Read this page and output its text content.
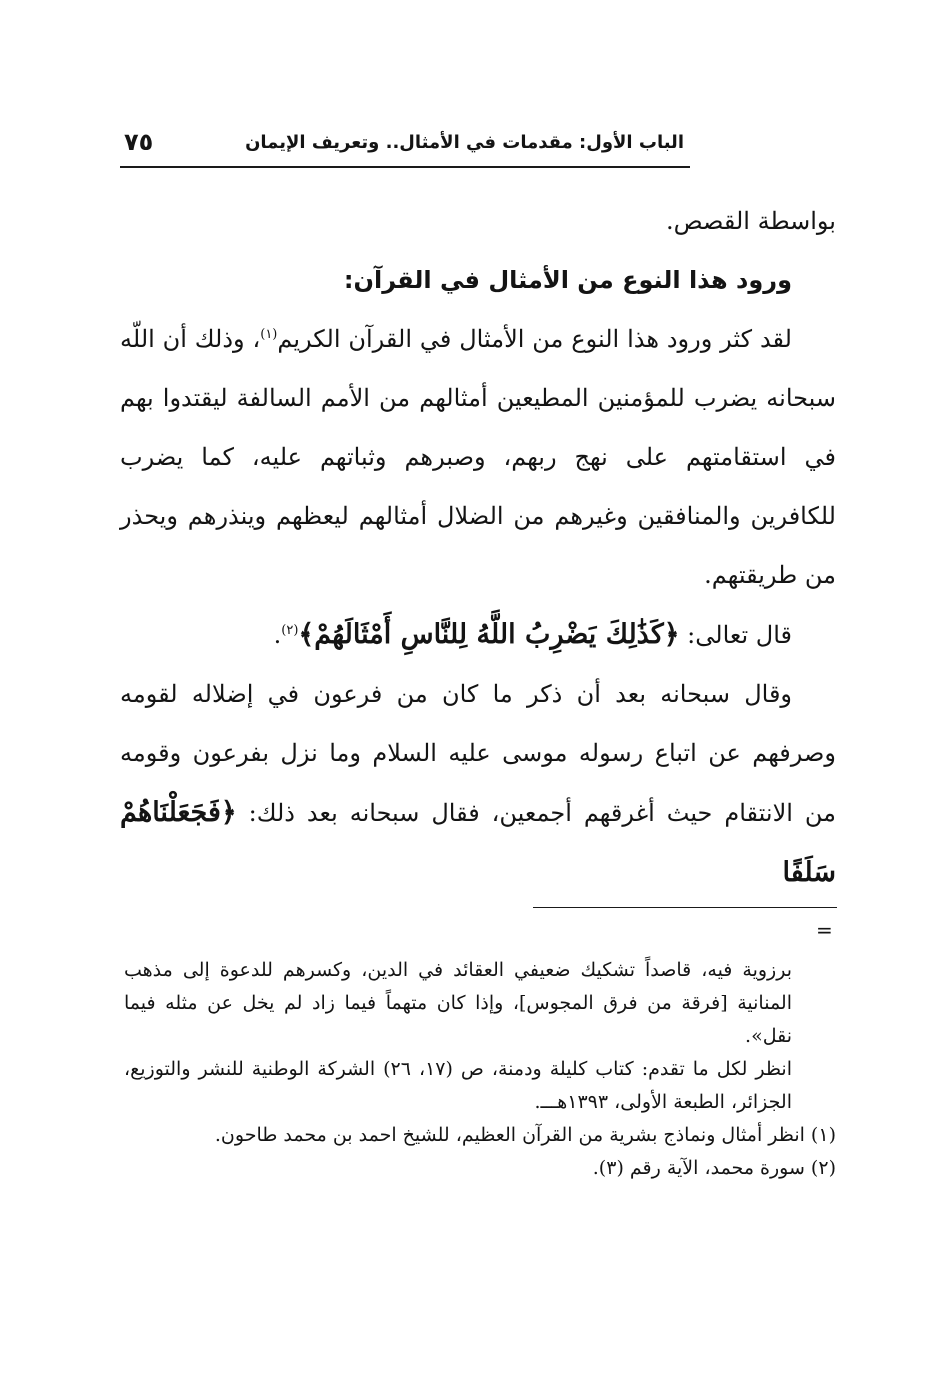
٧٥	الباب الأول: مقدمات في الأمثال.. وتعريف الإيمان

بواسطة القصص.

ورود هذا النوع من الأمثال في القرآن:

لقد كثر ورود هذا النوع من الأمثال في القرآن الكريم$^{(١)}$، وذلك أن اللّه سبحانه يضرب للمؤمنين المطيعين أمثالهم من الأمم السالفة ليقتدوا بهم في استقامتهم على نهج ربهم، وصبرهم وثباتهم عليه، كما يضرب للكافرين والمنافقين وغيرهم من الضلال أمثالهم ليعظهم وينذرهم ويحذر من طريقتهم.

قال تعالى: ﴿كَذَٰلِكَ يَضْرِبُ اللَّهُ لِلنَّاسِ أَمْثَالَهُمْ﴾$^{(٢)}$.

وقال سبحانه بعد أن ذكر ما كان من فرعون في إضلاله لقومه وصرفهم عن اتباع رسوله موسى عليه السلام وما نزل بفرعون وقومه من الانتقام حيث أغرقهم أجمعين، فقال سبحانه بعد ذلك: ﴿فَجَعَلْنَاهُمْ سَلَفًا

=

برزوية فيه، قاصداً تشكيك ضعيفي العقائد في الدين، وكسرهم للدعوة إلى مذهب المنانية [فرقة من فرق المجوس]، وإذا كان متهماً فيما زاد لم يخل عن مثله فيما نقل».

انظر لكل ما تقدم: كتاب كليلة ودمنة، ص (١٧، ٢٦) الشركة الوطنية للنشر والتوزيع، الجزائر، الطبعة الأولى، ١٣٩٣هـــ.

(١) انظر أمثال ونماذج بشرية من القرآن العظيم، للشيخ احمد بن محمد طاحون.

(٢) سورة محمد، الآية رقم (٣).
